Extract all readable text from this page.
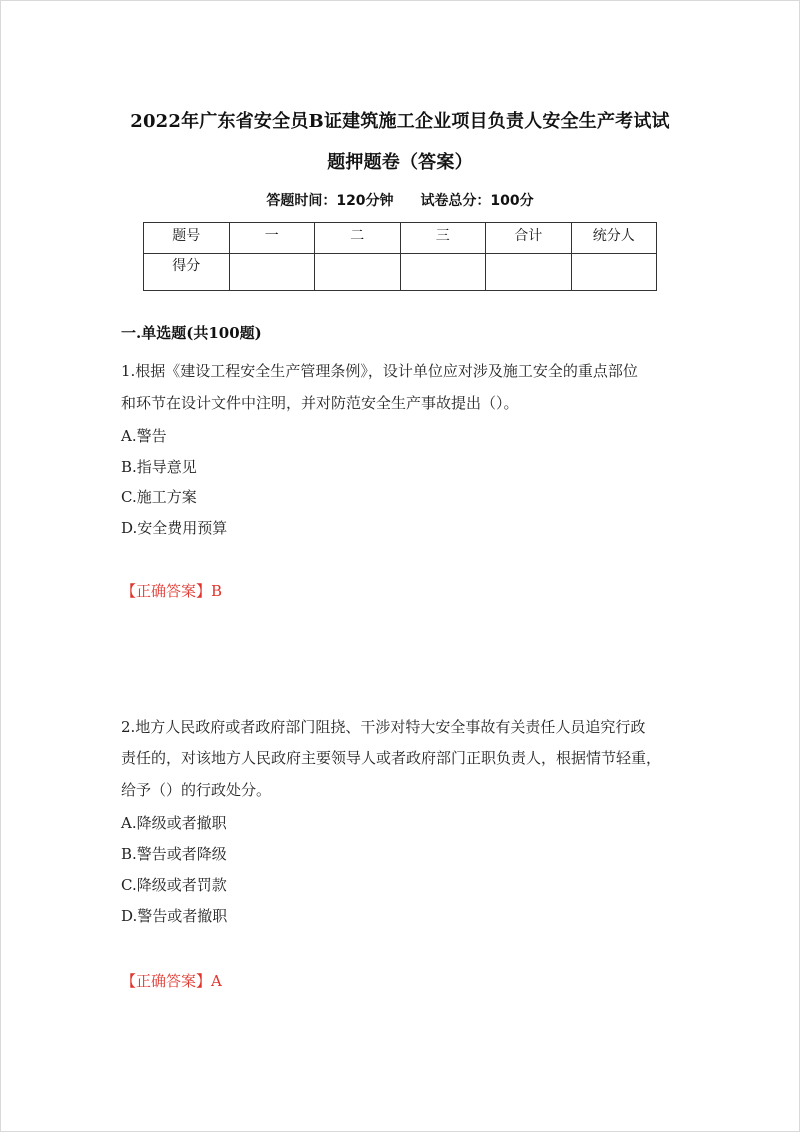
2022年广东省安全员B证建筑施工企业项目负责人安全生产考试试
题押题卷（答案）
答题时间：120分钟 试卷总分：100分
题号	一	二	三	合计	统分人
得分					
一.单选题(共100题)
1.根据《建设工程安全生产管理条例》，设计单位应对涉及施工安全的重点部位
和环节在设计文件中注明，并对防范安全生产事故提出（）。
A.警告
B.指导意见
C.施工方案
D.安全费用预算
【正确答案】B
2.地方人民政府或者政府部门阻挠、干涉对特大安全事故有关责任人员追究行政
责任的，对该地方人民政府主要领导人或者政府部门正职负责人，根据情节轻重，
给予（）的行政处分。
A.降级或者撤职
B.警告或者降级
C.降级或者罚款
D.警告或者撤职
【正确答案】A
